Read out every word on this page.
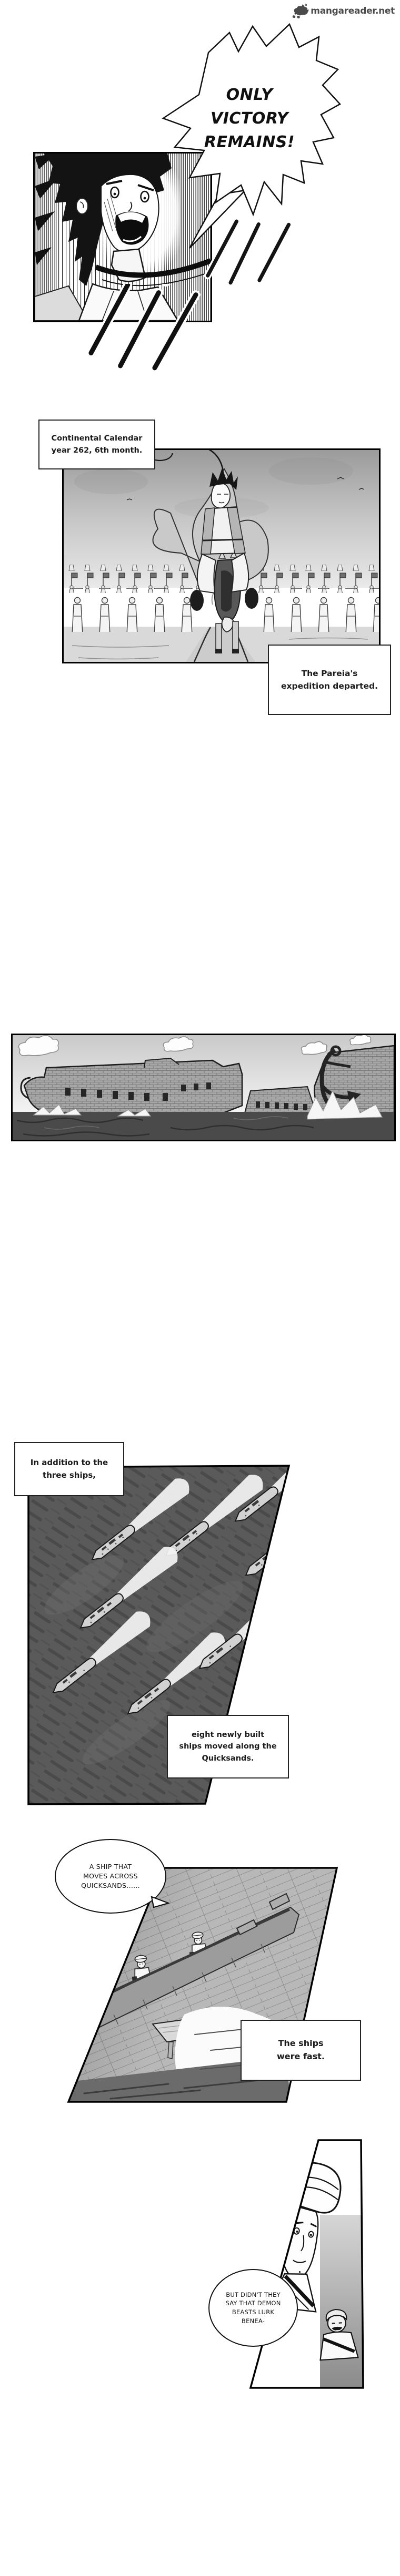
mangareader.net
ONLY
VICTORY
REMAINS!
Continental Calendar
year 262, 6th month.
The Pareia's
expedition departed.
In addition to the
three ships,
eight newly built
ships moved along the
Quicksands.
A SHIP THAT
MOVES ACROSS
QUICKSANDS......
The ships
were fast.
BUT DIDN'T THEY
SAY THAT DEMON
BEASTS LURK
BENEA-
